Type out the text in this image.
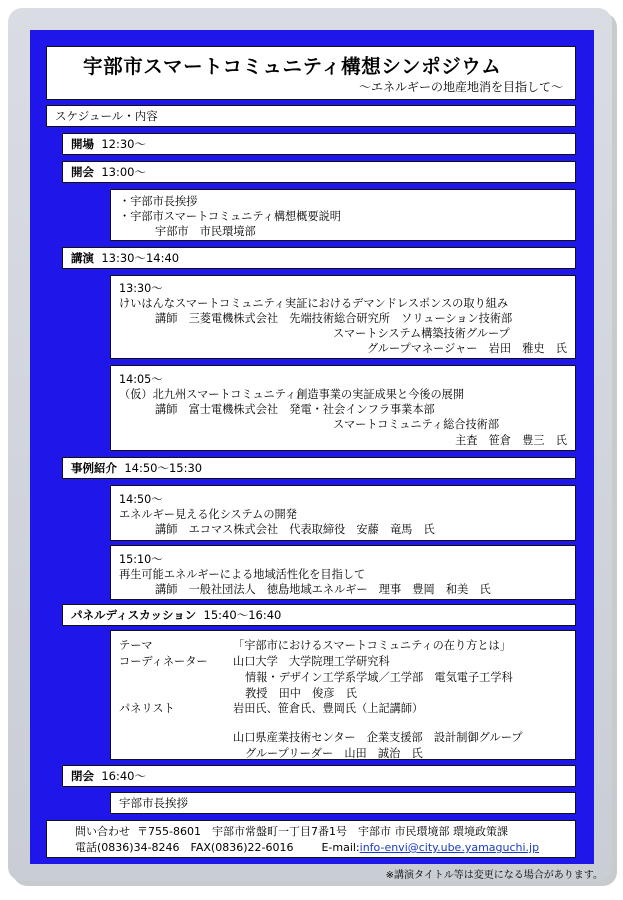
宇部市スマートコミュニティ構想シンポジウム
～エネルギーの地産地消を目指して～
スケジュール・内容
開場 12:30～
開会 13:00～
・宇部市長挨拶
・宇部市スマートコミュニティ構想概要説明
宇部市　市民環境部
講演 13:30～14:40
13:30～
けいはんなスマートコミュニティ実証におけるデマンドレスポンスの取り組み
講師　三菱電機株式会社　先端技術総合研究所　ソリューション技術部
スマートシステム構築技術グループ
グループマネージャー　岩田　雅史　氏
14:05～
（仮）北九州スマートコミュニティ創造事業の実証成果と今後の展開
講師　富士電機株式会社　発電・社会インフラ事業本部
スマートコミュニティ総合技術部
主査　笹倉　豊三　氏
事例紹介 14:50～15:30
14:50～
エネルギー見える化システムの開発
講師　エコマス株式会社　代表取締役　安藤　竜馬　氏
15:10～
再生可能エネルギーによる地域活性化を目指して
講師　一般社団法人　徳島地域エネルギー　理事　豊岡　和美　氏
パネルディスカッション 15:40～16:40
テーマ	「宇部市におけるスマートコミュニティの在り方とは」
コーディネーター 山口大学　大学院理工学研究科
情報・デザイン工学系学域／工学部　電気電子工学科
教授　田中　俊彦　氏
パネリスト	岩田氏、笹倉氏、豊岡氏（上記講師）
山口県産業技術センター　企業支援部　設計制御グループ
グループリーダー　山田　誠治　氏
閉会 16:40～
宇部市長挨拶
問い合わせ 〒755-8601　宇部市常盤町一丁目7番1号　宇部市 市民環境部 環境政策課
電話(0836)34-8246　FAX(0836)22-6016	E-mail:info-envi@city.ube.yamaguchi.jp
※講演タイトル等は変更になる場合があります。
